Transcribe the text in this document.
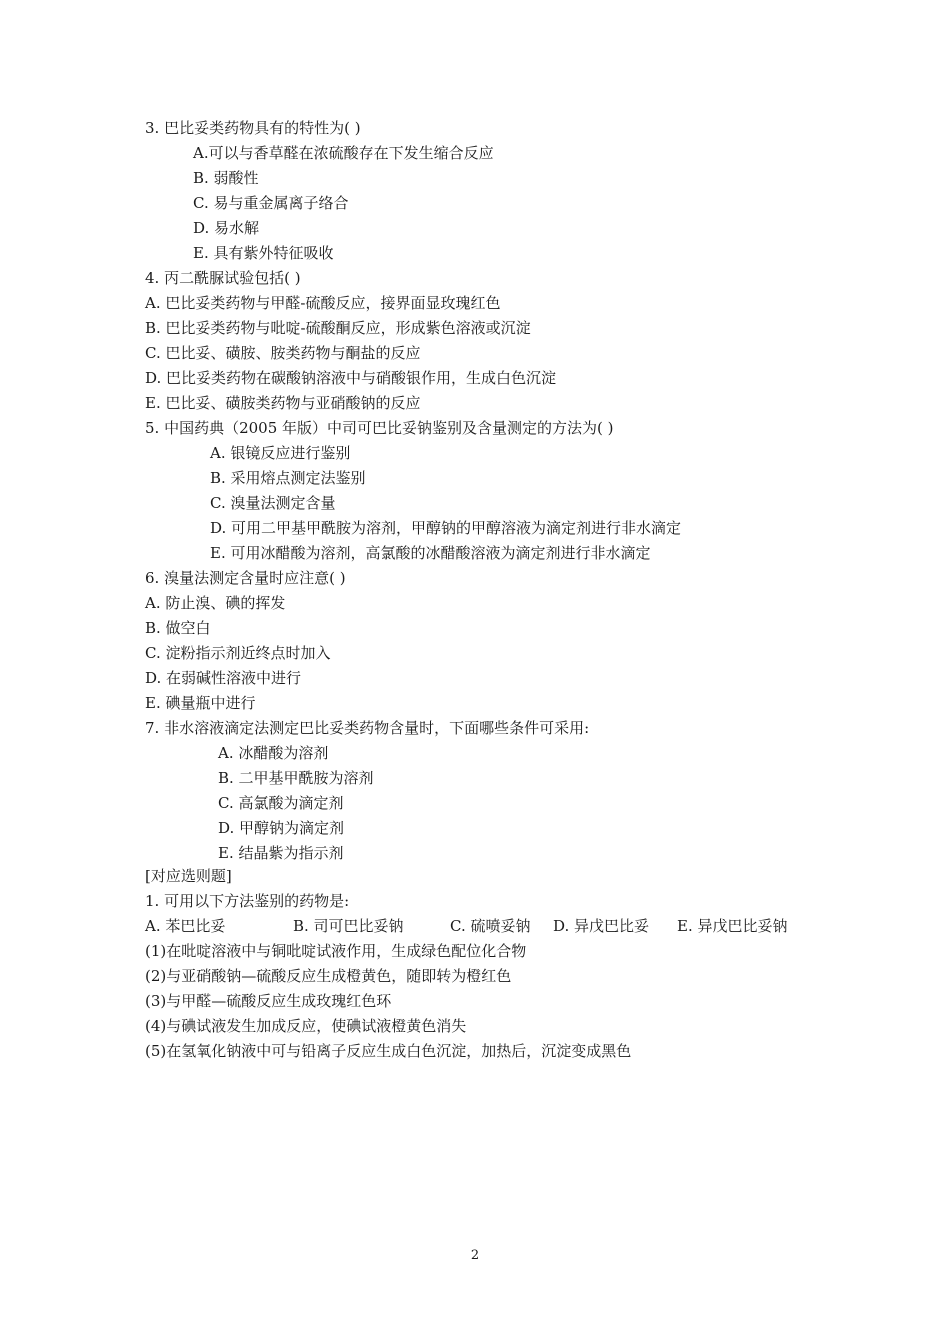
3. 巴比妥类药物具有的特性为( )
A.可以与香草醛在浓硫酸存在下发生缩合反应
B. 弱酸性
C. 易与重金属离子络合
D. 易水解
E. 具有紫外特征吸收
4. 丙二酰脲试验包括( )
A. 巴比妥类药物与甲醛-硫酸反应，接界面显玫瑰红色
B. 巴比妥类药物与吡啶-硫酸酮反应，形成紫色溶液或沉淀
C. 巴比妥、磺胺、胺类药物与酮盐的反应
D. 巴比妥类药物在碳酸钠溶液中与硝酸银作用，生成白色沉淀
E. 巴比妥、磺胺类药物与亚硝酸钠的反应
5. 中国药典（2005 年版）中司可巴比妥钠鉴别及含量测定的方法为( )
A. 银镜反应进行鉴别
B. 采用熔点测定法鉴别
C. 溴量法测定含量
D. 可用二甲基甲酰胺为溶剂，甲醇钠的甲醇溶液为滴定剂进行非水滴定
E. 可用冰醋酸为溶剂，高氯酸的冰醋酸溶液为滴定剂进行非水滴定
6. 溴量法测定含量时应注意( )
A. 防止溴、碘的挥发
B. 做空白
C. 淀粉指示剂近终点时加入
D. 在弱碱性溶液中进行
E. 碘量瓶中进行
7. 非水溶液滴定法测定巴比妥类药物含量时，下面哪些条件可采用:
A. 冰醋酸为溶剂
B. 二甲基甲酰胺为溶剂
C. 高氯酸为滴定剂
D. 甲醇钠为滴定剂
E. 结晶紫为指示剂
[对应选则题]
1. 可用以下方法鉴别的药物是:
A. 苯巴比妥	B. 司可巴比妥钠	C. 硫喷妥钠 D. 异戊巴比妥 E. 异戊巴比妥钠
(1)在吡啶溶液中与铜吡啶试液作用，生成绿色配位化合物
(2)与亚硝酸钠—硫酸反应生成橙黄色，随即转为橙红色
(3)与甲醛—硫酸反应生成玫瑰红色环
(4)与碘试液发生加成反应，使碘试液橙黄色消失
(5)在氢氧化钠液中可与铅离子反应生成白色沉淀，加热后，沉淀变成黑色
2
